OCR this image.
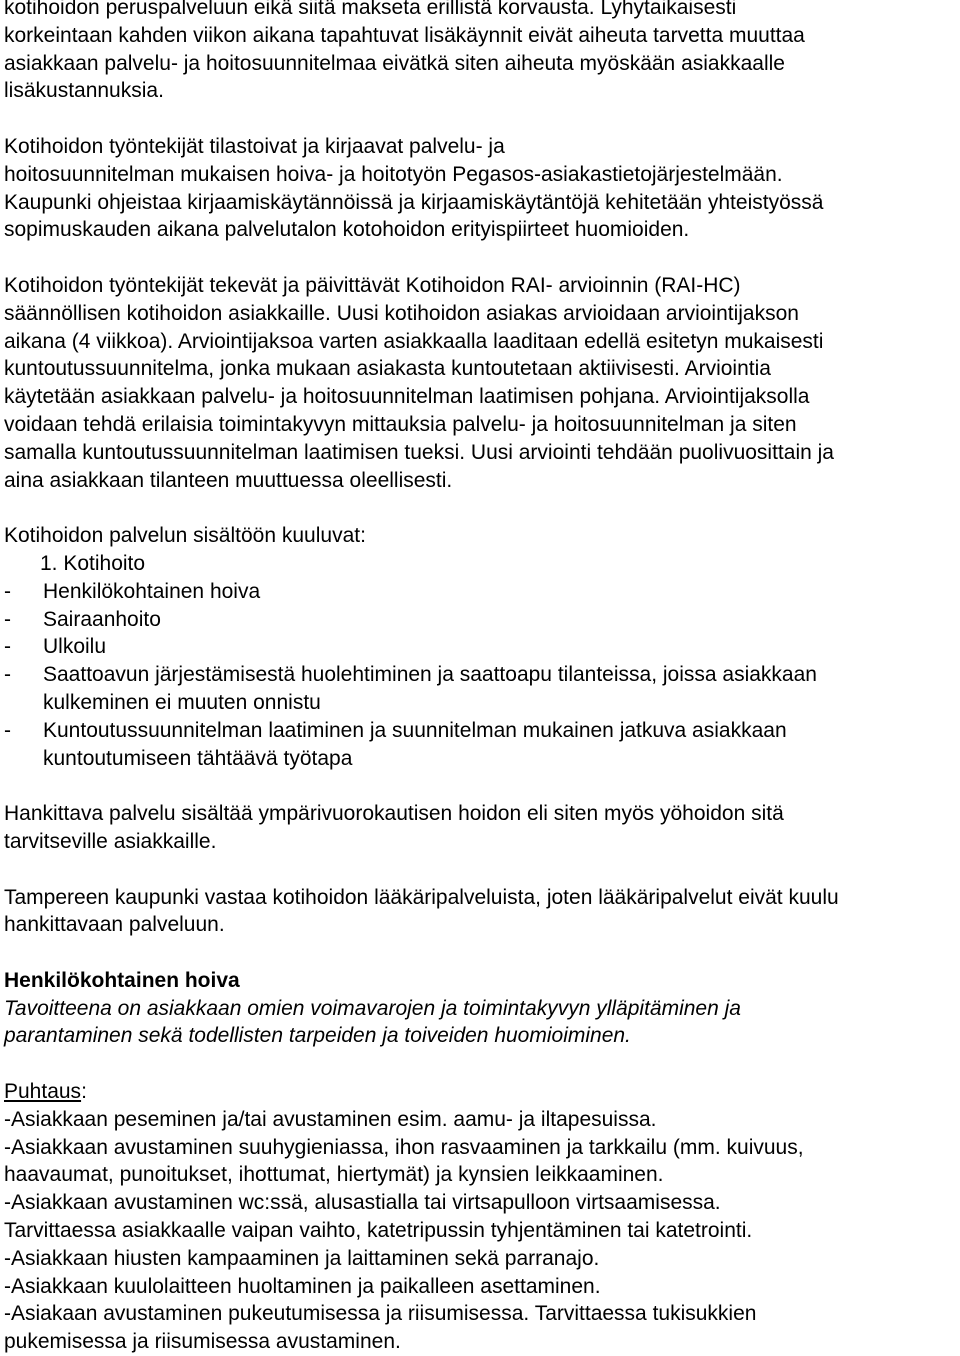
kotihoidon peruspalveluun eikä siitä makseta erillistä korvausta. Lyhytaikaisesti

korkeintaan kahden viikon aikana tapahtuvat lisäkäynnit eivät aiheuta tarvetta muuttaa

asiakkaan palvelu- ja hoitosuunnitelmaa eivätkä siten aiheuta myöskään asiakkaalle

lisäkustannuksia.

Kotihoidon työntekijät tilastoivat ja kirjaavat palvelu- ja

hoitosuunnitelman mukaisen hoiva- ja hoitotyön Pegasos-asiakastietojärjestelmään.

Kaupunki ohjeistaa kirjaamiskäytännöissä ja kirjaamiskäytäntöjä kehitetään yhteistyössä

sopimuskauden aikana palvelutalon kotohoidon erityispiirteet huomioiden.

Kotihoidon työntekijät tekevät ja päivittävät Kotihoidon RAI- arvioinnin (RAI-HC)

säännöllisen kotihoidon asiakkaille. Uusi kotihoidon asiakas arvioidaan arviointijakson

aikana (4 viikkoa). Arviointijaksoa varten asiakkaalla laaditaan edellä esitetyn mukaisesti

kuntoutussuunnitelma, jonka mukaan asiakasta kuntoutetaan aktiivisesti. Arviointia

käytetään asiakkaan palvelu- ja hoitosuunnitelman laatimisen pohjana. Arviointijaksolla

voidaan tehdä erilaisia toimintakyvyn mittauksia palvelu- ja hoitosuunnitelman ja siten

samalla kuntoutussuunnitelman laatimisen tueksi. Uusi arviointi tehdään puolivuosittain ja

aina asiakkaan tilanteen muuttuessa oleellisesti.

Kotihoidon palvelun sisältöön kuuluvat:

1. Kotihoito

-	Henkilökohtainen hoiva

-	Sairaanhoito

-	Ulkoilu

-	Saattoavun järjestämisestä huolehtiminen ja saattoapu tilanteissa, joissa asiakkaan

kulkeminen ei muuten onnistu

-	Kuntoutussuunnitelman laatiminen ja suunnitelman mukainen jatkuva asiakkaan

kuntoutumiseen tähtäävä työtapa

Hankittava palvelu sisältää ympärivuorokautisen hoidon eli siten myös yöhoidon sitä

tarvitseville asiakkaille.

Tampereen kaupunki vastaa kotihoidon lääkäripalveluista, joten lääkäripalvelut eivät kuulu

hankittavaan palveluun.

Henkilökohtainen hoiva

Tavoitteena on asiakkaan omien voimavarojen ja toimintakyvyn ylläpitäminen ja

parantaminen sekä todellisten tarpeiden ja toiveiden huomioiminen.

Puhtaus:

-Asiakkaan peseminen ja/tai avustaminen esim. aamu- ja iltapesuissa.

-Asiakkaan avustaminen suuhygieniassa, ihon rasvaaminen ja tarkkailu (mm. kuivuus,

haavaumat, punoitukset, ihottumat, hiertymät) ja kynsien leikkaaminen.

-Asiakkaan avustaminen wc:ssä, alusastialla tai virtsapulloon virtsaamisessa.

Tarvittaessa asiakkaalle vaipan vaihto, katetripussin tyhjentäminen tai katetrointi.

-Asiakkaan hiusten kampaaminen ja laittaminen sekä parranajo.

-Asiakkaan kuulolaitteen huoltaminen ja paikalleen asettaminen.

-Asiakaan avustaminen pukeutumisessa ja riisumisessa. Tarvittaessa tukisukkien

pukemisessa ja riisumisessa avustaminen.
